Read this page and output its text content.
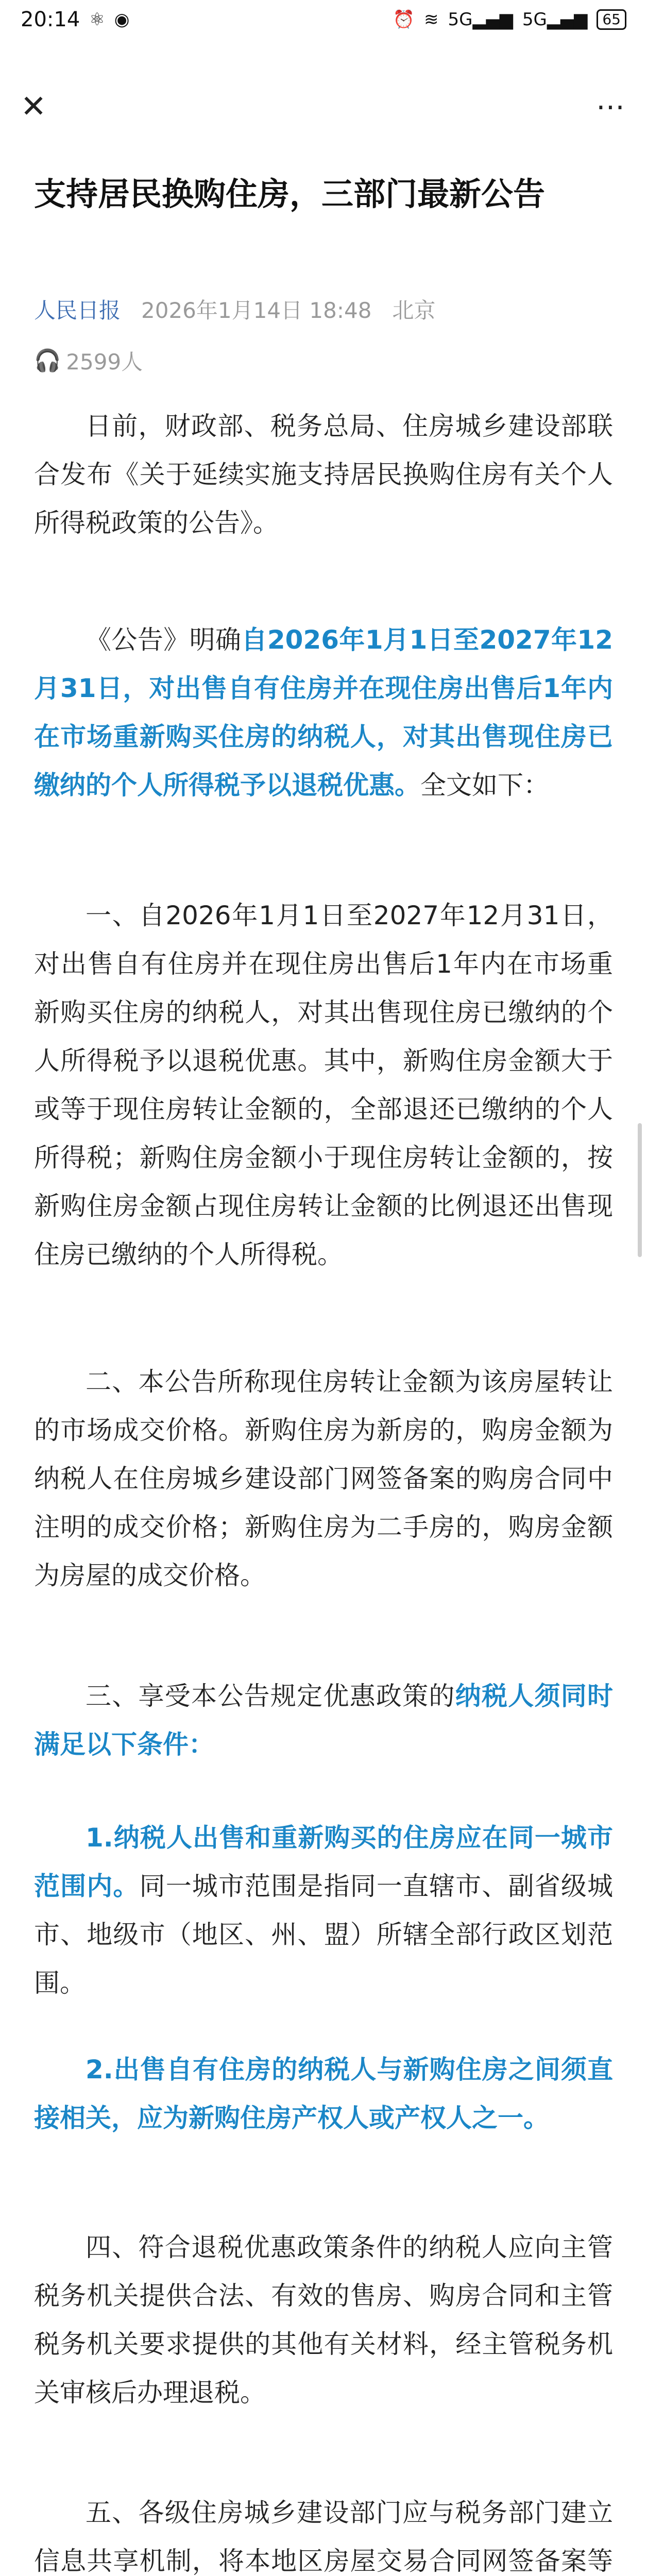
20:14 ⚛ ◉	⏰ ≋ 5G▂▄▆ 5G▂▄▆	65
✕	⋯
支持居民换购住房，三部门最新公告
人民日报 2026年1月14日 18:48 北京
🎧 2599人

日前，财政部、税务总局、住房城乡建设部联合发布《关于延续实施支持居民换购住房有关个人所得税政策的公告》。

《公告》明确自2026年1月1日至2027年12月31日，对出售自有住房并在现住房出售后1年内在市场重新购买住房的纳税人，对其出售现住房已缴纳的个人所得税予以退税优惠。全文如下：

一、自2026年1月1日至2027年12月31日，对出售自有住房并在现住房出售后1年内在市场重新购买住房的纳税人，对其出售现住房已缴纳的个人所得税予以退税优惠。其中，新购住房金额大于或等于现住房转让金额的，全部退还已缴纳的个人所得税；新购住房金额小于现住房转让金额的，按新购住房金额占现住房转让金额的比例退还出售现住房已缴纳的个人所得税。

二、本公告所称现住房转让金额为该房屋转让的市场成交价格。新购住房为新房的，购房金额为纳税人在住房城乡建设部门网签备案的购房合同中注明的成交价格；新购住房为二手房的，购房金额为房屋的成交价格。

三、享受本公告规定优惠政策的纳税人须同时满足以下条件：

1.纳税人出售和重新购买的住房应在同一城市范围内。同一城市范围是指同一直辖市、副省级城市、地级市（地区、州、盟）所辖全部行政区划范围。

2.出售自有住房的纳税人与新购住房之间须直接相关，应为新购住房产权人或产权人之一。

四、符合退税优惠政策条件的纳税人应向主管税务机关提供合法、有效的售房、购房合同和主管税务机关要求提供的其他有关材料，经主管税务机关审核后办理退税。

五、各级住房城乡建设部门应与税务部门建立信息共享机制，将本地区房屋交易合同网签备案等
